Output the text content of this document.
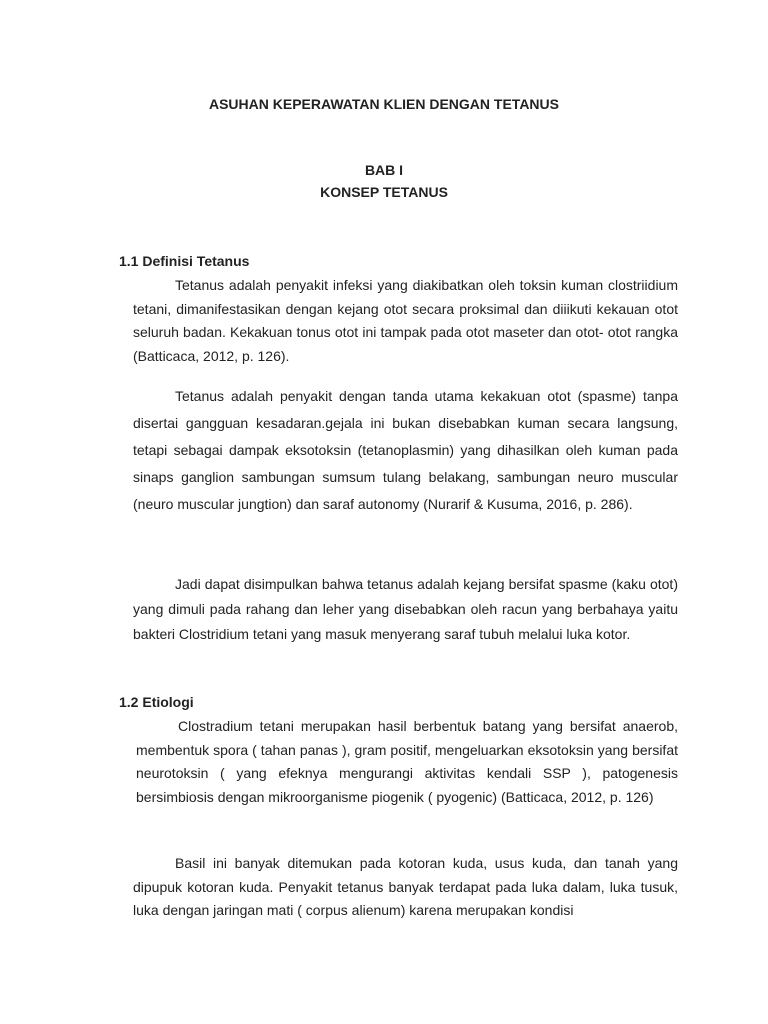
ASUHAN KEPERAWATAN KLIEN DENGAN TETANUS

BAB I

KONSEP TETANUS

1.1 Definisi Tetanus

Tetanus adalah penyakit infeksi yang diakibatkan oleh toksin kuman clostriidium tetani, dimanifestasikan dengan kejang otot secara proksimal dan diiikuti kekauan otot seluruh badan. Kekakuan tonus otot ini tampak pada otot maseter dan otot- otot rangka (Batticaca, 2012, p. 126).

Tetanus adalah penyakit dengan tanda utama kekakuan otot (spasme) tanpa disertai gangguan kesadaran.gejala ini bukan disebabkan kuman secara langsung, tetapi sebagai dampak eksotoksin (tetanoplasmin) yang dihasilkan oleh kuman pada sinaps ganglion sambungan sumsum tulang belakang, sambungan neuro muscular (neuro muscular jungtion) dan saraf autonomy (Nurarif & Kusuma, 2016, p. 286).

Jadi dapat disimpulkan bahwa tetanus adalah kejang bersifat spasme (kaku otot) yang dimuli pada rahang dan leher yang disebabkan oleh racun yang berbahaya yaitu bakteri Clostridium tetani yang masuk menyerang saraf tubuh melalui luka kotor.

1.2 Etiologi

Clostradium tetani merupakan hasil berbentuk batang yang bersifat anaerob, membentuk spora ( tahan panas ), gram positif, mengeluarkan eksotoksin yang bersifat neurotoksin ( yang efeknya mengurangi aktivitas kendali SSP ), patogenesis bersimbiosis dengan mikroorganisme piogenik ( pyogenic) (Batticaca, 2012, p. 126)

Basil ini banyak ditemukan pada kotoran kuda, usus kuda, dan tanah yang dipupuk kotoran kuda. Penyakit tetanus banyak terdapat pada luka dalam, luka tusuk, luka dengan jaringan mati ( corpus alienum) karena merupakan kondisi
